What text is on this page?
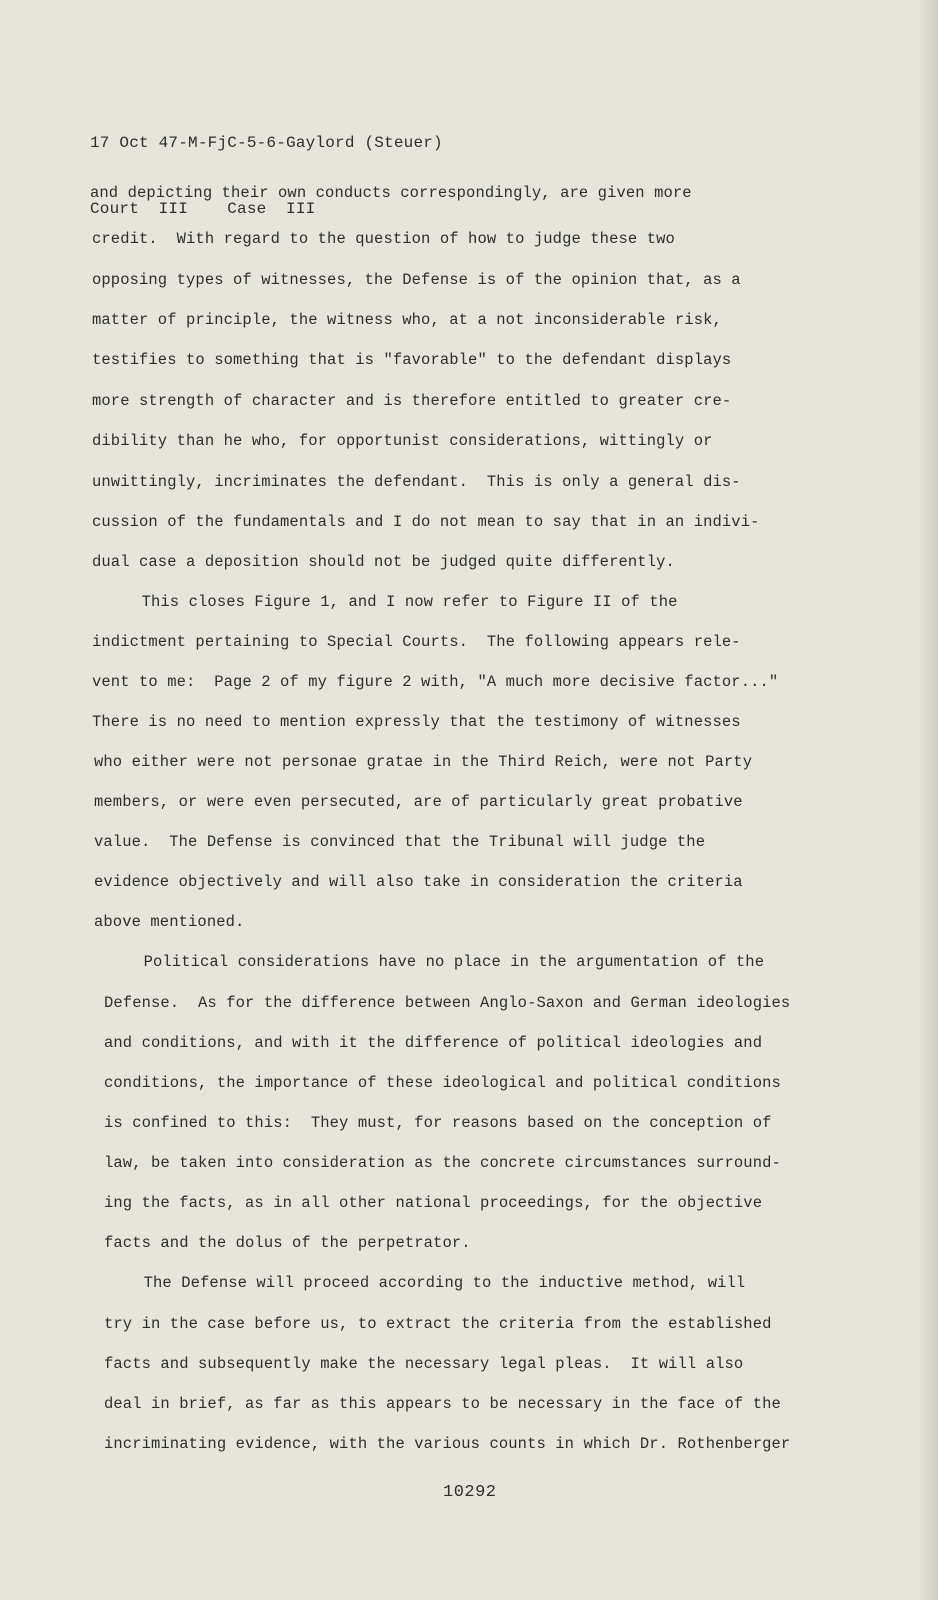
17 Oct 47-M-FjC-5-6-Gaylord (Steuer)

Court  III    Case  III

and depicting their own conducts correspondingly, are given more
credit.  With regard to the question of how to judge these two
opposing types of witnesses, the Defense is of the opinion that, as a
matter of principle, the witness who, at a not inconsiderable risk,
testifies to something that is "favorable" to the defendant displays
more strength of character and is therefore entitled to greater cre-
dibility than he who, for opportunist considerations, wittingly or
unwittingly, incriminates the defendant.  This is only a general dis-
cussion of the fundamentals and I do not mean to say that in an indivi-
dual case a deposition should not be judged quite differently.
This closes Figure 1, and I now refer to Figure II of the
indictment pertaining to Special Courts.  The following appears rele-
vent to me:  Page 2 of my figure 2 with, "A much more decisive factor..."
There is no need to mention expressly that the testimony of witnesses
who either were not personae gratae in the Third Reich, were not Party
members, or were even persecuted, are of particularly great probative
value.  The Defense is convinced that the Tribunal will judge the
evidence objectively and will also take in consideration the criteria
above mentioned.
Political considerations have no place in the argumentation of the
Defense.  As for the difference between Anglo-Saxon and German ideologies
and conditions, and with it the difference of political ideologies and
conditions, the importance of these ideological and political conditions
is confined to this:  They must, for reasons based on the conception of
law, be taken into consideration as the concrete circumstances surround-
ing the facts, as in all other national proceedings, for the objective
facts and the dolus of the perpetrator.
The Defense will proceed according to the inductive method, will
try in the case before us, to extract the criteria from the established
facts and subsequently make the necessary legal pleas.  It will also
deal in brief, as far as this appears to be necessary in the face of the
incriminating evidence, with the various counts in which Dr. Rothenberger
10292
